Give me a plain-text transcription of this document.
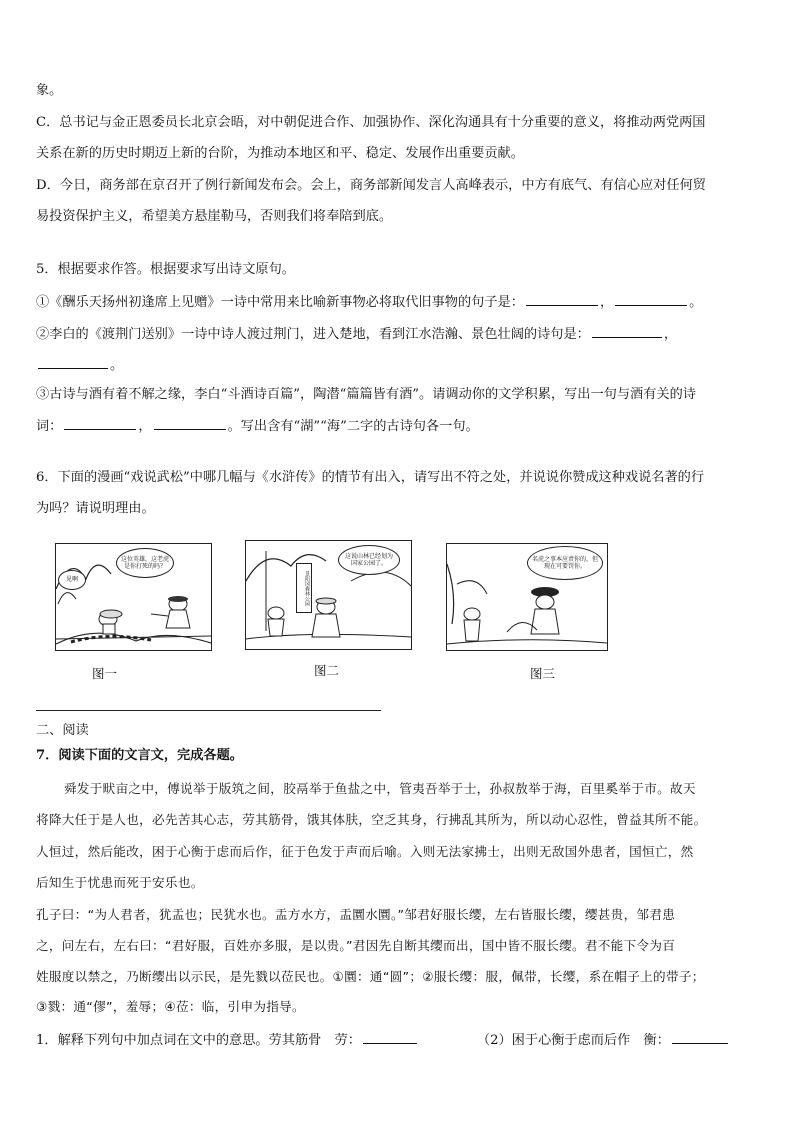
象。
C．总书记与金正恩委员长北京会晤，对中朝促进合作、加强协作、深化沟通具有十分重要的意义，将推动两党两国
关系在新的历史时期迈上新的台阶，为推动本地区和平、稳定、发展作出重要贡献。
D．今日，商务部在京召开了例行新闻发布会。会上，商务部新闻发言人高峰表示，中方有底气、有信心应对任何贸
易投资保护主义，希望美方悬崖勒马，否则我们将奉陪到底。
5．根据要求作答。根据要求写出诗文原句。
①《酬乐天扬州初逢席上见赠》一诗中常用来比喻新事物必将取代旧事物的句子是：	，	。
②李白的《渡荆门送别》一诗中诗人渡过荆门，进入楚地，看到江水浩瀚、景色壮阔的诗句是：	，
。
③古诗与酒有着不解之缘，李白“斗酒诗百篇”，陶潜“篇篇皆有酒”。请调动你的文学积累，写出一句与酒有关的诗
词：	，	。写出含有“湖”“海”二字的古诗句各一句。
6．下面的漫画“戏说武松”中哪几幅与《水浒传》的情节有出入，请写出不符之处，并说说你赞成这种戏说名著的行
为吗？请说明理由。
这位英雄，这老虎是你打死的吗？
见啊
这说山林已经划为国家公园了。
景阳冈森林公园
名虎之事本应责你的，但现在可要罚你。
图一	图二	图三
二、阅读
7．阅读下面的文言文，完成各题。
舜发于畎亩之中，傅说举于版筑之间，胶鬲举于鱼盐之中，管夷吾举于士，孙叔敖举于海，百里奚举于市。故天
将降大任于是人也，必先苦其心志，劳其筋骨，饿其体肤，空乏其身，行拂乱其所为，所以动心忍性，曾益其所不能。
人恒过，然后能改，困于心衡于虑而后作，征于色发于声而后喻。入则无法家拂士，出则无敌国外患者，国恒亡，然
后知生于忧患而死于安乐也。
孔子曰：“为人君者，犹盂也；民犹水也。盂方水方，盂圜水圜。”邹君好服长缨，左右皆服长缨，缨甚贵，邹君患
之，问左右，左右曰：“君好服，百姓亦多服，是以贵。”君因先自断其缨而出，国中皆不服长缨。君不能下令为百
姓服度以禁之，乃断缨出以示民，是先戮以莅民也。①圜：通“圆”；②服长缨：服，佩带，长缨，系在帽子上的带子；
③戮：通“僇”，羞辱；④莅：临，引申为指导。
1．解释下列句中加点词在文中的意思。劳其筋骨　劳：	（2）困于心衡于虑而后作　衡：
